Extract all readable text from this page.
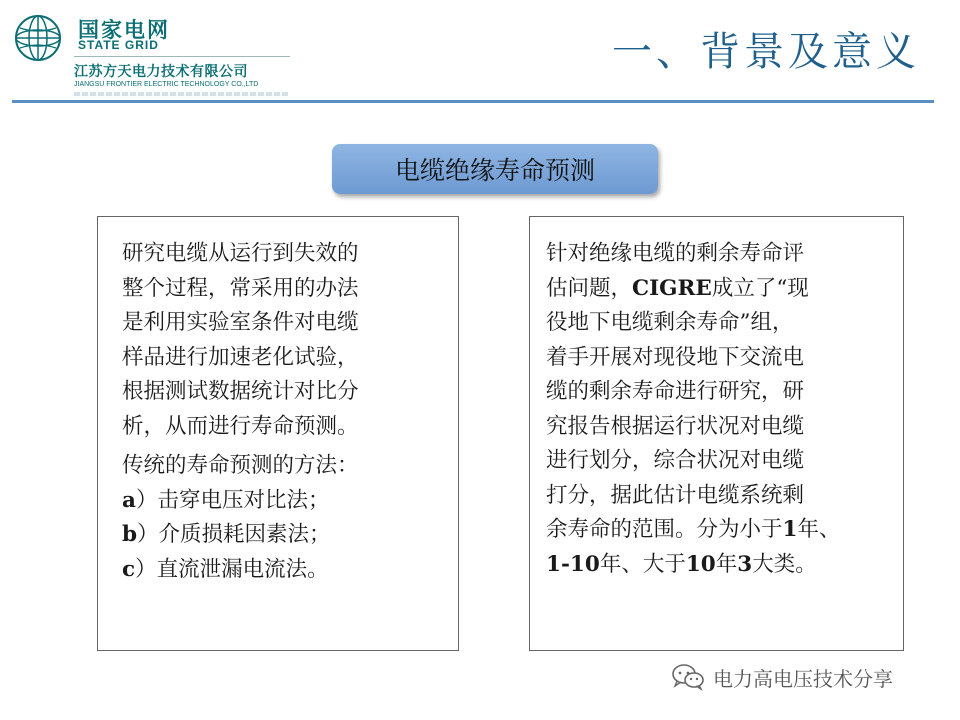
国家电网
STATE GRID
江苏方天电力技术有限公司
JIANGSU FRONTIER ELECTRIC TECHNOLOGY CO.,LTD
一、背景及意义
电缆绝缘寿命预测
研究电缆从运行到失效的
整个过程，常采用的办法
是利用实验室条件对电缆
样品进行加速老化试验，
根据测试数据统计对比分
析，从而进行寿命预测。
传统的寿命预测的方法：
a）击穿电压对比法；
b）介质损耗因素法；
c）直流泄漏电流法。
针对绝缘电缆的剩余寿命评
估问题，CIGRE成立了“现
役地下电缆剩余寿命”组，
着手开展对现役地下交流电
缆的剩余寿命进行研究，研
究报告根据运行状况对电缆
进行划分，综合状况对电缆
打分，据此估计电缆系统剩
余寿命的范围。分为小于1年、
1-10年、大于10年3大类。
电力高电压技术分享
